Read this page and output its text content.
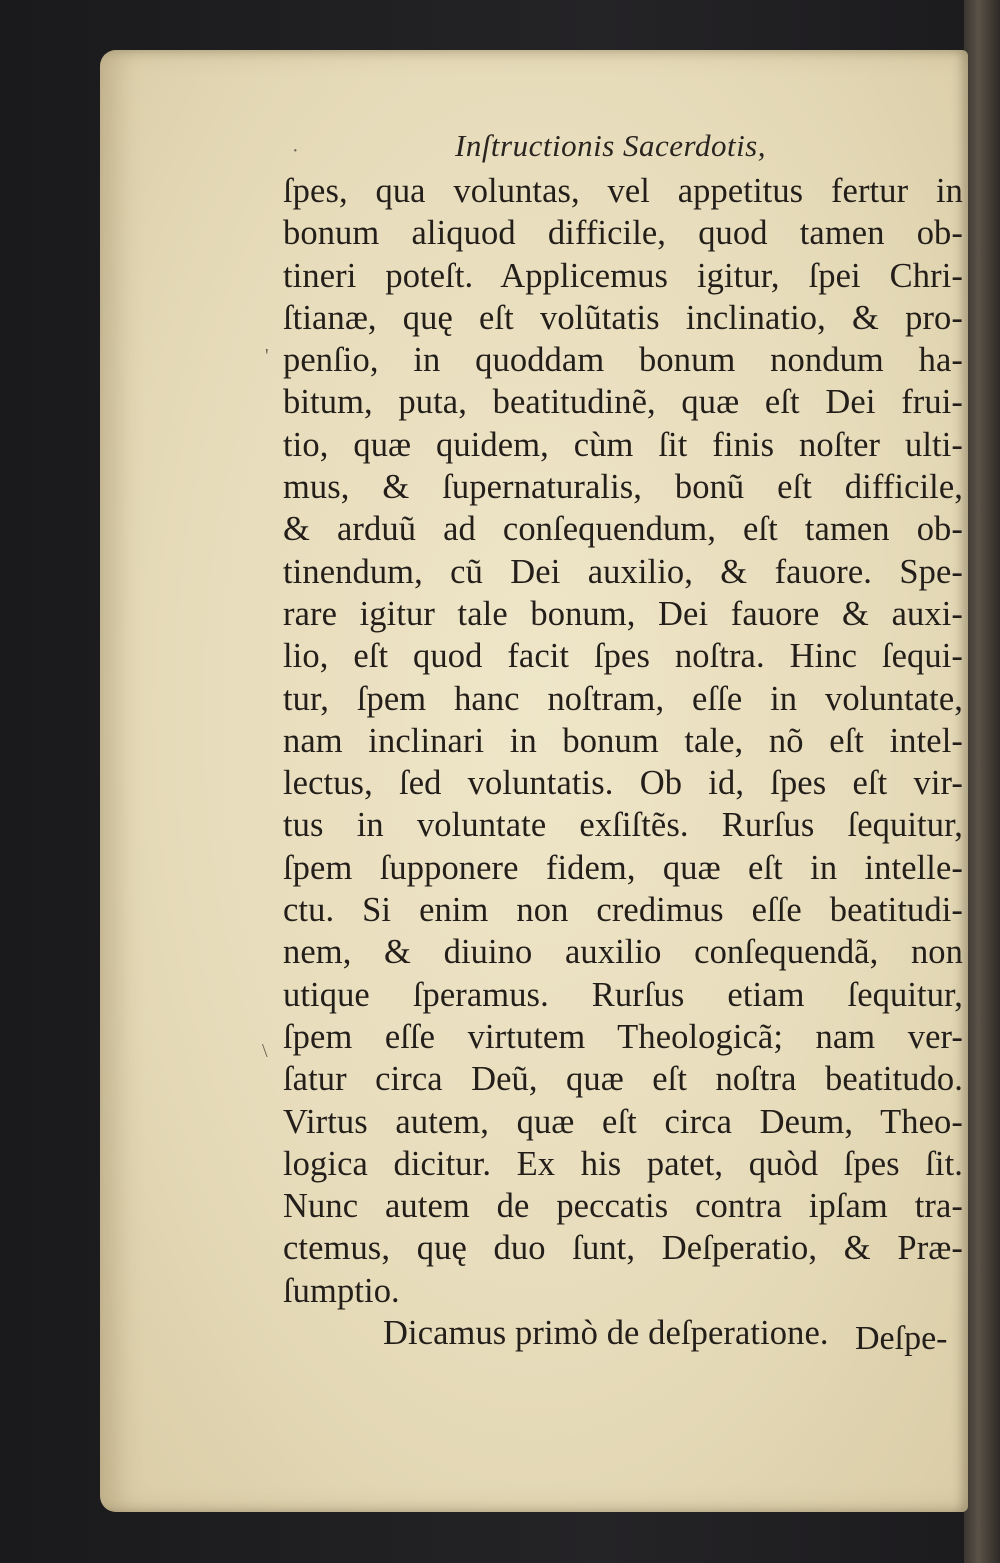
·
'
\
Inſtructionis Sacerdotis,
ſpes, qua voluntas, vel appetitus fertur in
bonum aliquod difficile, quod tamen ob-
tineri poteſt. Applicemus igitur, ſpei Chri-
ſtianæ, quę eſt volũtatis inclinatio, & pro-
penſio, in quoddam bonum nondum ha-
bitum, puta, beatitudinẽ, quæ eſt Dei frui-
tio, quæ quidem, cùm ſit finis noſter ulti-
mus, & ſupernaturalis, bonũ eſt difficile,
& arduũ ad conſequendum, eſt tamen ob-
tinendum, cũ Dei auxilio, & fauore. Spe-
rare igitur tale bonum, Dei fauore & auxi-
lio, eſt quod facit ſpes noſtra. Hinc ſequi-
tur, ſpem hanc noſtram, eſſe in voluntate,
nam inclinari in bonum tale, nõ eſt intel-
lectus, ſed voluntatis. Ob id, ſpes eſt vir-
tus in voluntate exſiſtẽs. Rurſus ſequitur,
ſpem ſupponere fidem, quæ eſt in intelle-
ctu. Si enim non credimus eſſe beatitudi-
nem, & diuino auxilio conſequendã, non
utique ſperamus. Rurſus etiam ſequitur,
ſpem eſſe virtutem Theologicã; nam ver-
ſatur circa Deũ, quæ eſt noſtra beatitudo.
Virtus autem, quæ eſt circa Deum, Theo-
logica dicitur. Ex his patet, quòd ſpes ſit.
Nunc autem de peccatis contra ipſam tra-
ctemus, quę duo ſunt, Deſperatio, & Præ-
ſumptio.
Dicamus primò de deſperatione. Deſpe-
